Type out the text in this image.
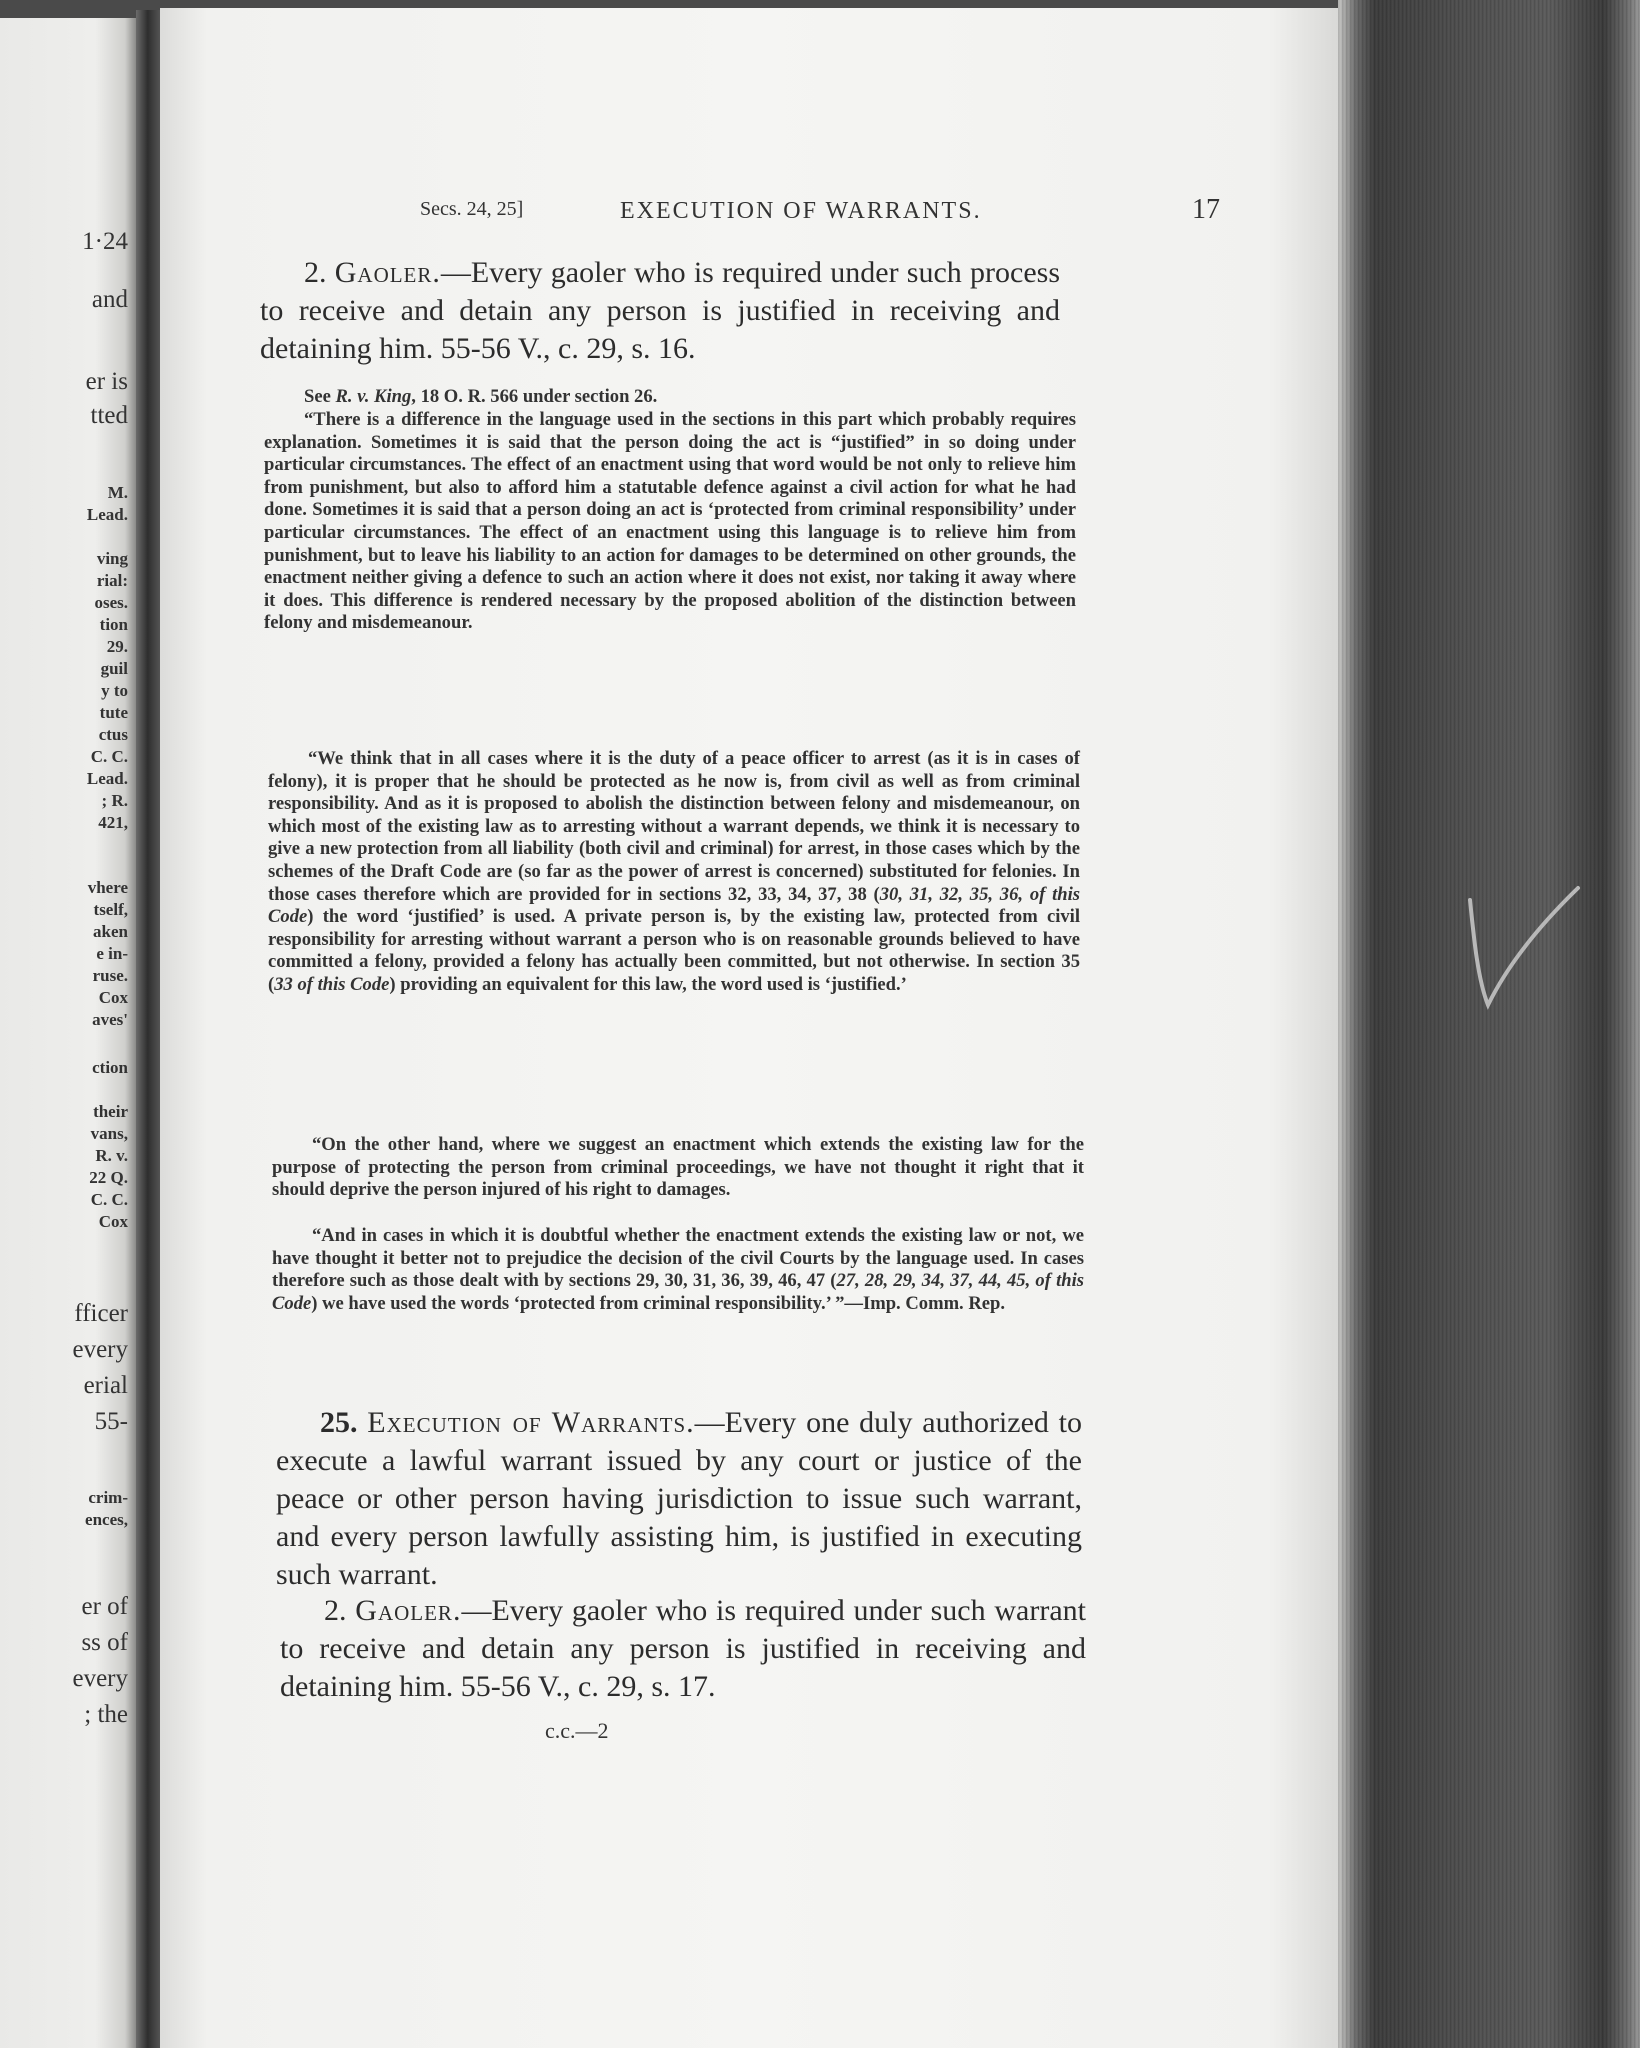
1·24
and
er is
tted
M.
Lead.
ving
rial:
oses.
tion
29.
guil
y to
tute
ctus
C. C.
Lead.
; R.
421,
vhere
tself,
aken
e in-
ruse.
Cox
aves'
ction
their
vans,
R. v.
22 Q.
C. C.
Cox
fficer
every
erial
55-
crim-
ences,
er of
ss of
every
; the
Secs. 24, 25]	EXECUTION OF WARRANTS.	17

2. Gaoler.—Every gaoler who is required under such process to receive and detain any person is justified in receiving and detaining him. 55-56 V., c. 29, s. 16.

See R. v. King, 18 O. R. 566 under section 26.

“There is a difference in the language used in the sections in this part which probably requires explanation. Sometimes it is said that the person doing the act is “justified” in so doing under particular circumstances. The effect of an enactment using that word would be not only to relieve him from punishment, but also to afford him a statutable defence against a civil action for what he had done. Sometimes it is said that a person doing an act is ‘protected from criminal responsibility’ under particular circumstances. The effect of an enactment using this language is to relieve him from punishment, but to leave his liability to an action for damages to be determined on other grounds, the enactment neither giving a defence to such an action where it does not exist, nor taking it away where it does. This difference is rendered necessary by the proposed abolition of the distinction between felony and misdemeanour.

“We think that in all cases where it is the duty of a peace officer to arrest (as it is in cases of felony), it is proper that he should be protected as he now is, from civil as well as from criminal responsibility. And as it is proposed to abolish the distinction between felony and misdemeanour, on which most of the existing law as to arresting without a warrant depends, we think it is necessary to give a new protection from all liability (both civil and criminal) for arrest, in those cases which by the schemes of the Draft Code are (so far as the power of arrest is concerned) substituted for felonies. In those cases therefore which are provided for in sections 32, 33, 34, 37, 38 (30, 31, 32, 35, 36, of this Code) the word ‘justified’ is used. A private person is, by the existing law, protected from civil responsibility for arresting without warrant a person who is on reasonable grounds believed to have committed a felony, provided a felony has actually been committed, but not otherwise. In section 35 (33 of this Code) providing an equivalent for this law, the word used is ‘justified.’

“On the other hand, where we suggest an enactment which extends the existing law for the purpose of protecting the person from criminal proceedings, we have not thought it right that it should deprive the person injured of his right to damages.

“And in cases in which it is doubtful whether the enactment extends the existing law or not, we have thought it better not to prejudice the decision of the civil Courts by the language used. In cases therefore such as those dealt with by sections 29, 30, 31, 36, 39, 46, 47 (27, 28, 29, 34, 37, 44, 45, of this Code) we have used the words ‘protected from criminal responsibility.’ ”—Imp. Comm. Rep.

25. Execution of Warrants.—Every one duly authorized to execute a lawful warrant issued by any court or justice of the peace or other person having jurisdiction to issue such warrant, and every person lawfully assisting him, is justified in executing such warrant.

2. Gaoler.—Every gaoler who is required under such warrant to receive and detain any person is justified in receiving and detaining him. 55-56 V., c. 29, s. 17.

c.c.—2
